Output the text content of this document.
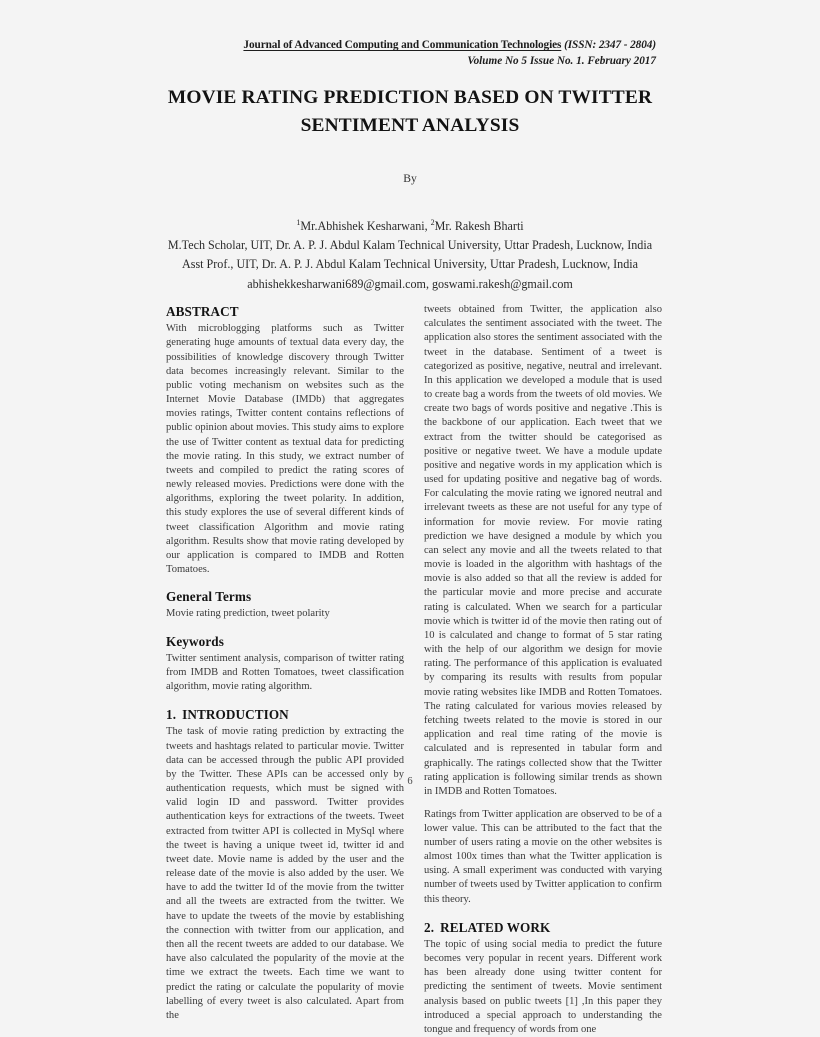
Journal of Advanced Computing and Communication Technologies (ISSN: 2347 - 2804)
Volume No 5 Issue No. 1. February 2017
MOVIE RATING PREDICTION BASED ON TWITTER SENTIMENT ANALYSIS
By
$^1$Mr.Abhishek Kesharwani, $^2$Mr. Rakesh Bharti
M.Tech Scholar, UIT, Dr. A. P. J. Abdul Kalam Technical University, Uttar Pradesh, Lucknow, India
Asst Prof., UIT, Dr. A. P. J. Abdul Kalam Technical University, Uttar Pradesh, Lucknow, India
abhishekkesharwani689@gmail.com, goswami.rakesh@gmail.com
ABSTRACT

With microblogging platforms such as Twitter generating huge amounts of textual data every day, the possibilities of knowledge discovery through Twitter data becomes increasingly relevant. Similar to the public voting mechanism on websites such as the Internet Movie Database (IMDb) that aggregates movies ratings, Twitter content contains reflections of public opinion about movies. This study aims to explore the use of Twitter content as textual data for predicting the movie rating. In this study, we extract number of tweets and compiled to predict the rating scores of newly released movies. Predictions were done with the algorithms, exploring the tweet polarity. In addition, this study explores the use of several different kinds of tweet classification Algorithm and movie rating algorithm. Results show that movie rating developed by our application is compared to IMDB and Rotten Tomatoes.

General Terms

Movie rating prediction, tweet polarity

Keywords

Twitter sentiment analysis, comparison of twitter rating from IMDB and Rotten Tomatoes, tweet classification algorithm, movie rating algorithm.

1. INTRODUCTION

The task of movie rating prediction by extracting the tweets and hashtags related to particular movie. Twitter data can be accessed through the public API provided by the Twitter. These APIs can be accessed only by authentication requests, which must be signed with valid login ID and password. Twitter provides authentication keys for extractions of the tweets. Tweet extracted from twitter API is collected in MySql where the tweet is having a unique tweet id, twitter id and tweet date. Movie name is added by the user and the release date of the movie is also added by the user. We have to add the twitter Id of the movie from the twitter and all the tweets are extracted from the twitter. We have to update the tweets of the movie by establishing the connection with twitter from our application, and then all the recent tweets are added to our database. We have also calculated the popularity of the movie at the time we extract the tweets. Each time we want to predict the rating or calculate the popularity of movie labelling of every tweet is also calculated. Apart from the

tweets obtained from Twitter, the application also calculates the sentiment associated with the tweet. The application also stores the sentiment associated with the tweet in the database. Sentiment of a tweet is categorized as positive, negative, neutral and irrelevant. In this application we developed a module that is used to create bag a words from the tweets of old movies. We create two bags of words positive and negative .This is the backbone of our application. Each tweet that we extract from the twitter should be categorised as positive or negative tweet. We have a module update positive and negative words in my application which is used for updating positive and negative bag of words. For calculating the movie rating we ignored neutral and irrelevant tweets as these are not useful for any type of information for movie review. For movie rating prediction we have designed a module by which you can select any movie and all the tweets related to that movie is loaded in the algorithm with hashtags of the movie is also added so that all the review is added for the particular movie and more precise and accurate rating is calculated. When we search for a particular movie which is twitter id of the movie then rating out of 10 is calculated and change to format of 5 star rating with the help of our algorithm we design for movie rating. The performance of this application is evaluated by comparing its results with results from popular movie rating websites like IMDB and Rotten Tomatoes. The rating calculated for various movies released by fetching tweets related to the movie is stored in our application and real time rating of the movie is calculated and is represented in tabular form and graphically. The ratings collected show that the Twitter rating application is following similar trends as shown in IMDB and Rotten Tomatoes.

Ratings from Twitter application are observed to be of a lower value. This can be attributed to the fact that the number of users rating a movie on the other websites is almost 100x times than what the Twitter application is using. A small experiment was conducted with varying number of tweets used by Twitter application to confirm this theory.

2. RELATED WORK

The topic of using social media to predict the future becomes very popular in recent years. Different work has been already done using twitter content for predicting the sentiment of tweets. Movie sentiment analysis based on public tweets [1] ,In this paper they introduced a special approach to understanding the tongue and frequency of words from one

6
